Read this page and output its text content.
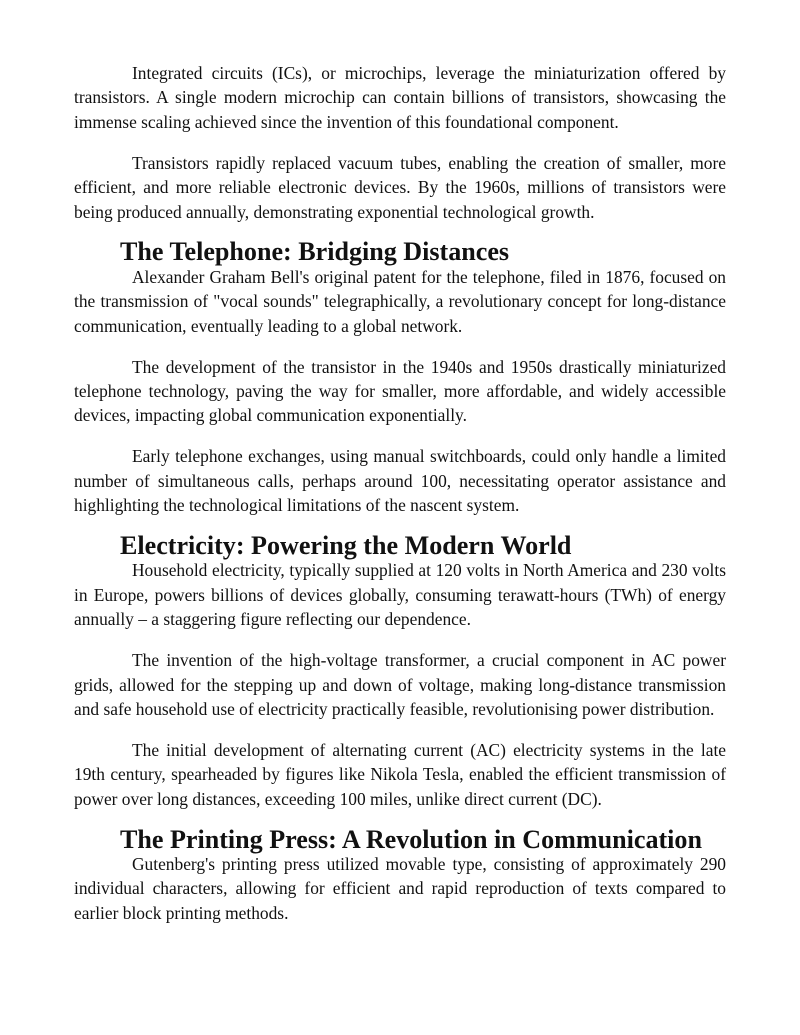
Integrated circuits (ICs), or microchips, leverage the miniaturization offered by transistors. A single modern microchip can contain billions of transistors, showcasing the immense scaling achieved since the invention of this foundational component.

Transistors rapidly replaced vacuum tubes, enabling the creation of smaller, more efficient, and more reliable electronic devices. By the 1960s, millions of transistors were being produced annually, demonstrating exponential technological growth.

The Telephone: Bridging Distances

Alexander Graham Bell's original patent for the telephone, filed in 1876, focused on the transmission of "vocal sounds" telegraphically, a revolutionary concept for long-distance communication, eventually leading to a global network.

The development of the transistor in the 1940s and 1950s drastically miniaturized telephone technology, paving the way for smaller, more affordable, and widely accessible devices, impacting global communication exponentially.

Early telephone exchanges, using manual switchboards, could only handle a limited number of simultaneous calls, perhaps around 100, necessitating operator assistance and highlighting the technological limitations of the nascent system.

Electricity: Powering the Modern World

Household electricity, typically supplied at 120 volts in North America and 230 volts in Europe, powers billions of devices globally, consuming terawatt-hours (TWh) of energy annually – a staggering figure reflecting our dependence.

The invention of the high-voltage transformer, a crucial component in AC power grids, allowed for the stepping up and down of voltage, making long-distance transmission and safe household use of electricity practically feasible, revolutionising power distribution.

The initial development of alternating current (AC) electricity systems in the late 19th century, spearheaded by figures like Nikola Tesla, enabled the efficient transmission of power over long distances, exceeding 100 miles, unlike direct current (DC).

The Printing Press: A Revolution in Communication

Gutenberg's printing press utilized movable type, consisting of approximately 290 individual characters, allowing for efficient and rapid reproduction of texts compared to earlier block printing methods.
